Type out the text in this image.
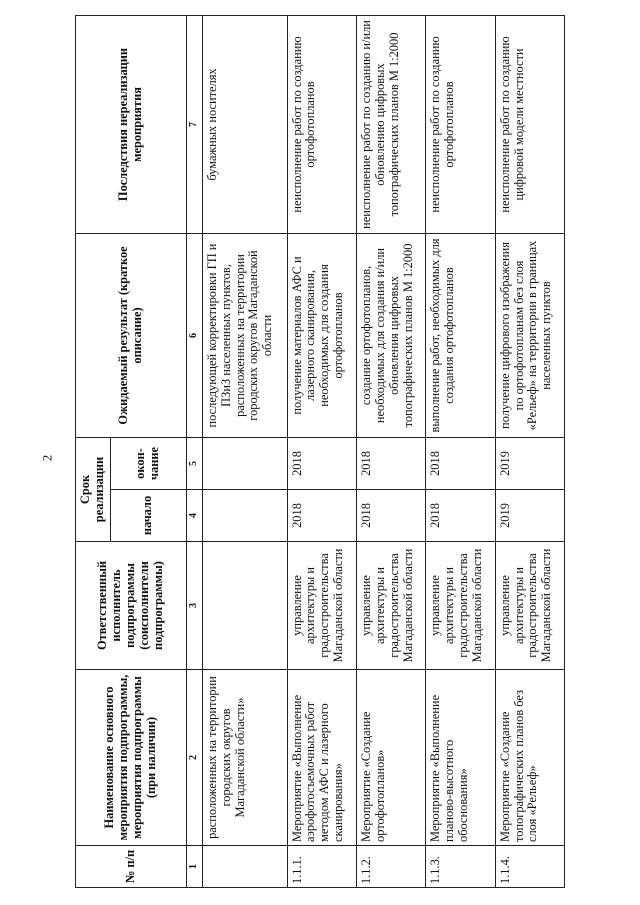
2
№ п/п	Наименование основного мероприятия подпрограммы, мероприятия подпрограммы (при наличии)	Ответственный исполнитель подпрограммы (соисполнители подпрограммы)	Срок реализации		Ожидаемый результат (краткое описание)	Последствия нереализации мероприятия
			начало	окон-чание		
1	2	3	4	5	6	7
	расположенных на территории городских округов Магаданской области»				последующей корректировки ГП и ПЗиЗ населенных пунктов, расположенных на территории городских округов Магаданской области	бумажных носителях
1.1.1.	Мероприятие «Выполнение аэрофотосъемочных работ методом АФС и лазерного сканирования»	управление архитектуры и градостроительства Магаданской области	2018	2018	получение материалов АФС и лазерного сканирования, необходимых для создания ортофотопланов	неисполнение работ по созданию ортофотопланов
1.1.2.	Мероприятие «Создание ортофотопланов»	управление архитектуры и градостроительства Магаданской области	2018	2018	создание ортофотопланов, необходимых для создания и/или обновления цифровых топографических планов М 1:2000	неисполнение работ по созданию и/или обновлению цифровых топографических планов М 1:2000
1.1.3.	Мероприятие «Выполнение планово-высотного обоснования»	управление архитектуры и градостроительства Магаданской области	2018	2018	выполнение работ, необходимых для создания ортофотопланов	неисполнение работ по созданию ортофотопланов
1.1.4.	Мероприятие «Создание топографических планов без слоя «Рельеф»	управление архитектуры и градостроительства Магаданской области	2019	2019	получение цифрового изображения по ортофотопланам без слоя «Рельеф» на территории в границах населенных пунктов	неисполнение работ по созданию цифровой модели местности
